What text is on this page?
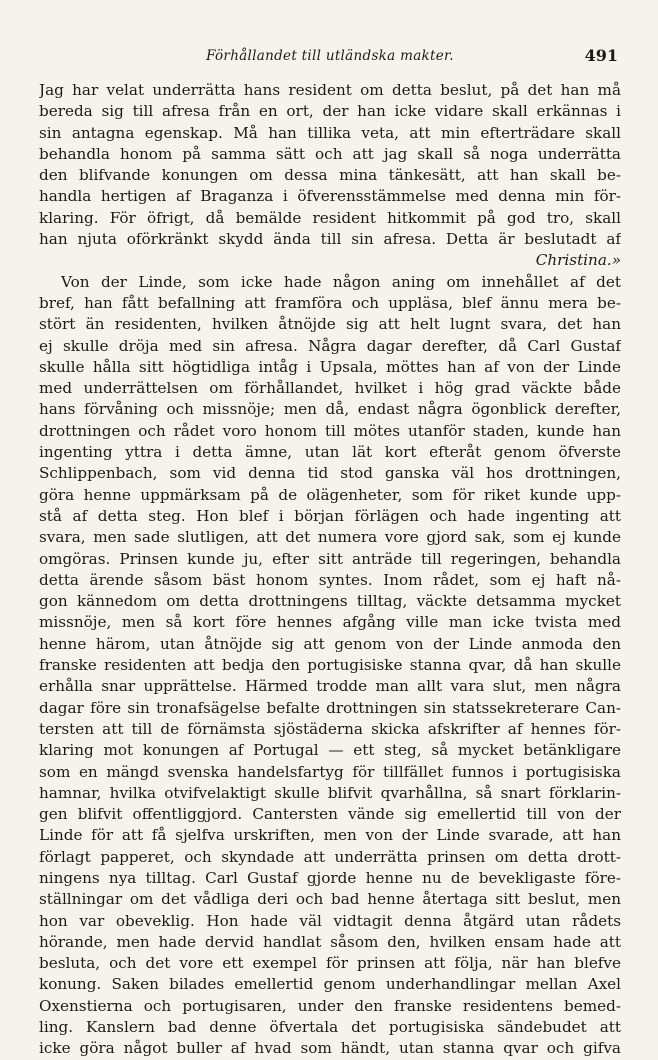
Förhållandet till utländska makter.	491
Jag har velat underrätta hans resident om detta beslut, på det han må
bereda sig till afresa från en ort, der han icke vidare skall erkännas i
sin antagna egenskap. Må han tillika veta, att min efterträdare skall
behandla honom på samma sätt och att jag skall så noga underrätta
den blifvande konungen om dessa mina tänkesätt, att han skall be-
handla hertigen af Braganza i öfverensstämmelse med denna min för-
klaring. För öfrigt, då bemälde resident hitkommit på god tro, skall
han njuta oförkränkt skydd ända till sin afresa. Detta är beslutadt af
Christina.»
Von der Linde, som icke hade någon aning om innehållet af det
bref, han fått befallning att framföra och uppläsa, blef ännu mera be-
stört än residenten, hvilken åtnöjde sig att helt lugnt svara, det han
ej skulle dröja med sin afresa. Några dagar derefter, då Carl Gustaf
skulle hålla sitt högtidliga intåg i Upsala, möttes han af von der Linde
med underrättelsen om förhållandet, hvilket i hög grad väckte både
hans förvåning och missnöje; men då, endast några ögonblick derefter,
drottningen och rådet voro honom till mötes utanför staden, kunde han
ingenting yttra i detta ämne, utan lät kort efteråt genom öfverste
Schlippenbach, som vid denna tid stod ganska väl hos drottningen,
göra henne uppmärksam på de olägenheter, som för riket kunde upp-
stå af detta steg. Hon blef i början förlägen och hade ingenting att
svara, men sade slutligen, att det numera vore gjord sak, som ej kunde
omgöras. Prinsen kunde ju, efter sitt anträde till regeringen, behandla
detta ärende såsom bäst honom syntes. Inom rådet, som ej haft nå-
gon kännedom om detta drottningens tilltag, väckte detsamma mycket
missnöje, men så kort före hennes afgång ville man icke tvista med
henne härom, utan åtnöjde sig att genom von der Linde anmoda den
franske residenten att bedja den portugisiske stanna qvar, då han skulle
erhålla snar upprättelse. Härmed trodde man allt vara slut, men några
dagar före sin tronafsägelse befalte drottningen sin statssekreterare Can-
tersten att till de förnämsta sjöstäderna skicka afskrifter af hennes för-
klaring mot konungen af Portugal — ett steg, så mycket betänkligare
som en mängd svenska handelsfartyg för tillfället funnos i portugisiska
hamnar, hvilka otvifvelaktigt skulle blifvit qvarhållna, så snart förklarin-
gen blifvit offentliggjord. Cantersten vände sig emellertid till von der
Linde för att få sjelfva urskriften, men von der Linde svarade, att han
förlagt papperet, och skyndade att underrätta prinsen om detta drott-
ningens nya tilltag. Carl Gustaf gjorde henne nu de bevekligaste före-
ställningar om det vådliga deri och bad henne återtaga sitt beslut, men
hon var obeveklig. Hon hade väl vidtagit denna åtgärd utan rådets
hörande, men hade dervid handlat såsom den, hvilken ensam hade att
besluta, och det vore ett exempel för prinsen att följa, när han blefve
konung. Saken bilades emellertid genom underhandlingar mellan Axel
Oxenstierna och portugisaren, under den franske residentens bemed-
ling. Kanslern bad denne öfvertala det portugisiska sändebudet att
icke göra något buller af hvad som händt, utan stanna qvar och gifva
